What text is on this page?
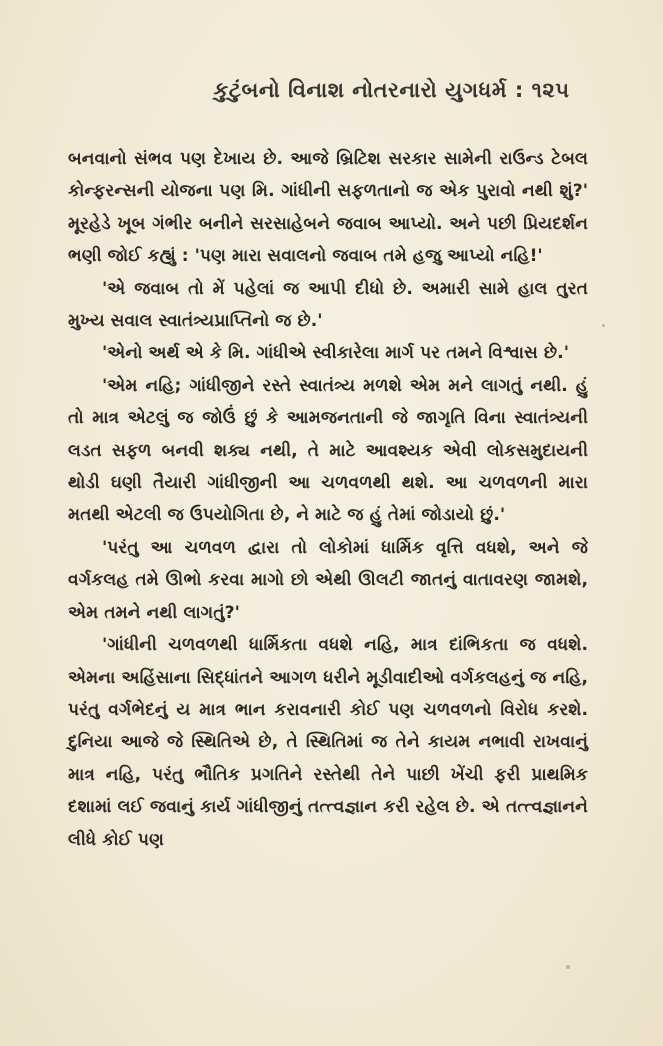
કુટુંબનો વિનાશ નોતરનારો યુગધર્મ : ૧૨૫

બનવાનો સંભવ પણ દેખાય છે. આજે બ્રિટિશ સરકાર સામેની રાઉન્ડ ટેબલ કોન્ફરન્સની યોજના પણ મિ. ગાંધીની સફળતાનો જ એક પુરાવો નથી શું?' મૂરહેડે ખૂબ ગંભીર બનીને સરસાહેબને જવાબ આપ્યો. અને પછી પ્રિયદર્શન ભણી જોઈ કહ્યું : 'પણ મારા સવાલનો જવાબ તમે હજુ આપ્યો નહિ!'

'એ જવાબ તો મેં પહેલાં જ આપી દીધો છે. અમારી સામે હાલ તુરત મુખ્ય સવાલ સ્વાતંત્ર્યપ્રાપ્તિનો જ છે.'

'એનો અર્થ એ કે મિ. ગાંધીએ સ્વીકારેલા માર્ગ પર તમને વિશ્વાસ છે.'

'એમ નહિ; ગાંધીજીને રસ્તે સ્વાતંત્ર્ય મળશે એમ મને લાગતું નથી. હું તો માત્ર એટલું જ જોઉં છું કે આમજનતાની જે જાગૃતિ વિના સ્વાતંત્ર્યની લડત સફળ બનવી શક્ય નથી, તે માટે આવશ્યક એવી લોકસમુદાયની થોડી ઘણી તૈયારી ગાંધીજીની આ ચળવળથી થશે. આ ચળવળની મારા મતથી એટલી જ ઉપયોગિતા છે, ને માટે જ હું તેમાં જોડાયો છું.'

'પરંતુ આ ચળવળ દ્વારા તો લોકોમાં ધાર્મિક વૃત્તિ વધશે, અને જે વર્ગકલહ તમે ઊભો કરવા માગો છો એથી ઊલટી જાતનું વાતાવરણ જામશે, એમ તમને નથી લાગતું?'

'ગાંધીની ચળવળથી ધાર્મિકતા વધશે નહિ, માત્ર દાંભિકતા જ વધશે. એમના અહિંસાના સિદ્ધાંતને આગળ ધરીને મૂડીવાદીઓ વર્ગકલહનું જ નહિ, પરંતુ વર્ગભેદનું ય માત્ર ભાન કરાવનારી કોઈ પણ ચળવળનો વિરોધ કરશે. દુનિયા આજે જે સ્થિતિએ છે, તે સ્થિતિમાં જ તેને કાયમ નભાવી રાખવાનું માત્ર નહિ, પરંતુ ભૌતિક પ્રગતિને રસ્તેથી તેને પાછી ખેંચી ફરી પ્રાથમિક દશામાં લઈ જવાનું કાર્ય ગાંધીજીનું તત્ત્વજ્ઞાન કરી રહેલ છે. એ તત્ત્વજ્ઞાનને લીધે કોઈ પણ
